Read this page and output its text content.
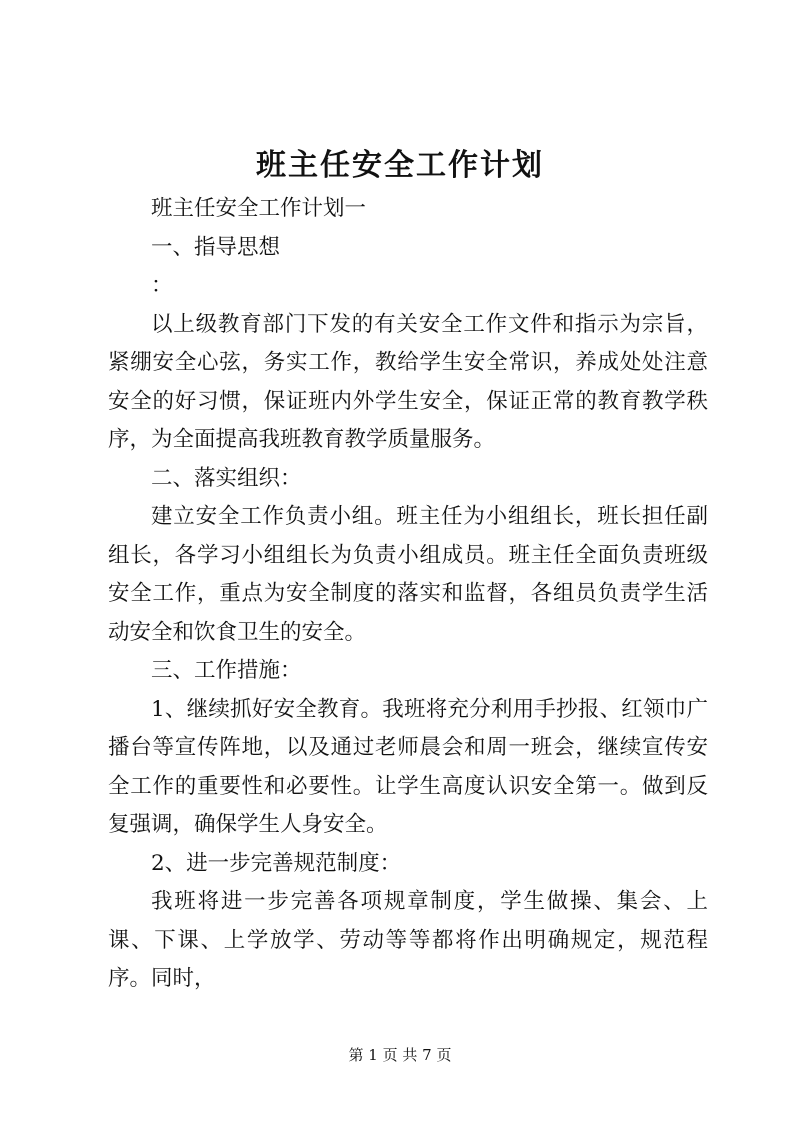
班主任安全工作计划

班主任安全工作计划一

一、指导思想

：

以上级教育部门下发的有关安全工作文件和指示为宗旨，紧绷安全心弦，务实工作，教给学生安全常识，养成处处注意安全的好习惯，保证班内外学生安全，保证正常的教育教学秩序，为全面提高我班教育教学质量服务。

二、落实组织：

建立安全工作负责小组。班主任为小组组长，班长担任副组长，各学习小组组长为负责小组成员。班主任全面负责班级安全工作，重点为安全制度的落实和监督，各组员负责学生活动安全和饮食卫生的安全。

三、工作措施：

1、继续抓好安全教育。我班将充分利用手抄报、红领巾广播台等宣传阵地，以及通过老师晨会和周一班会，继续宣传安全工作的重要性和必要性。让学生高度认识安全第一。做到反复强调，确保学生人身安全。

2、进一步完善规范制度：

我班将进一步完善各项规章制度，学生做操、集会、上课、下课、上学放学、劳动等等都将作出明确规定，规范程序。同时，

第 1 页 共 7 页
